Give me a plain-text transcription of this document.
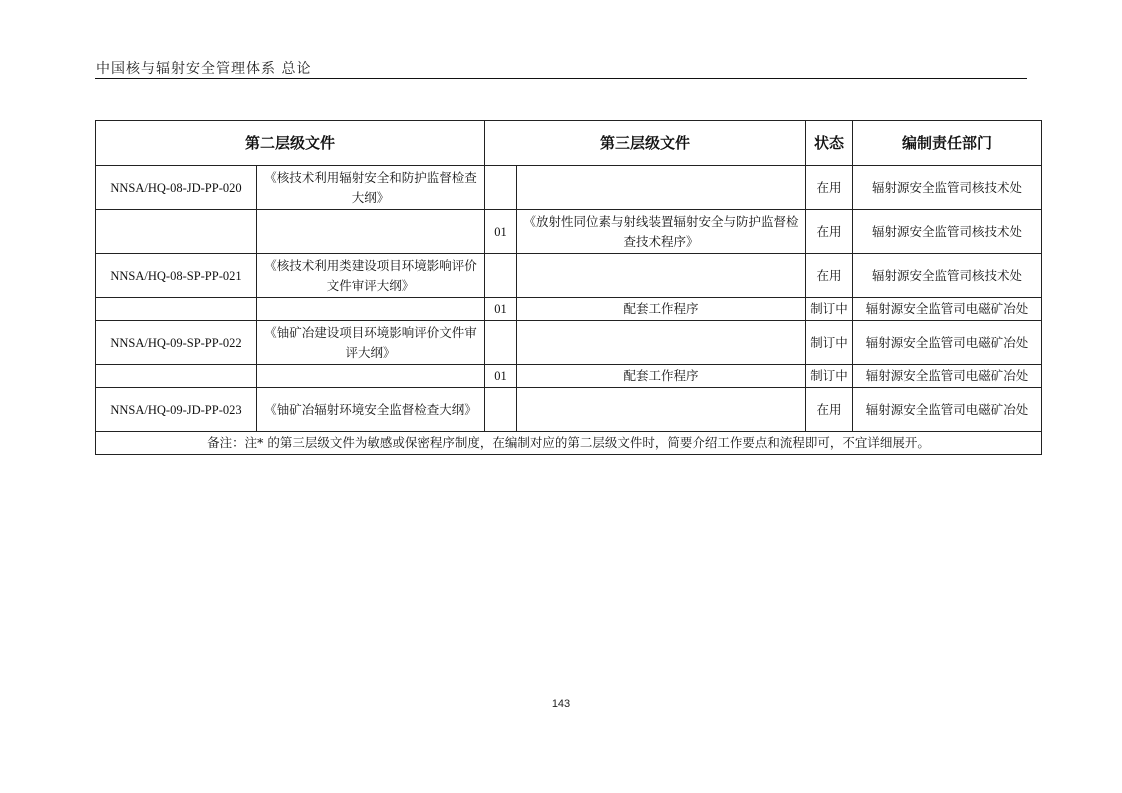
中国核与辐射安全管理体系 总论
第二层级文件		第三层级文件		状态	编制责任部门
NNSA/HQ-08-JD-PP-020	《核技术利用辐射安全和防护监督检查大纲》			在用	辐射源安全监管司核技术处
		01	《放射性同位素与射线装置辐射安全与防护监督检查技术程序》	在用	辐射源安全监管司核技术处
NNSA/HQ-08-SP-PP-021	《核技术利用类建设项目环境影响评价文件审评大纲》			在用	辐射源安全监管司核技术处
		01	配套工作程序	制订中	辐射源安全监管司电磁矿冶处
NNSA/HQ-09-SP-PP-022	《铀矿冶建设项目环境影响评价文件审评大纲》			制订中	辐射源安全监管司电磁矿冶处
		01	配套工作程序	制订中	辐射源安全监管司电磁矿冶处
NNSA/HQ-09-JD-PP-023	《铀矿冶辐射环境安全监督检查大纲》			在用	辐射源安全监管司电磁矿冶处
备注：注* 的第三层级文件为敏感或保密程序制度，在编制对应的第二层级文件时，简要介绍工作要点和流程即可，不宜详细展开。					
143
